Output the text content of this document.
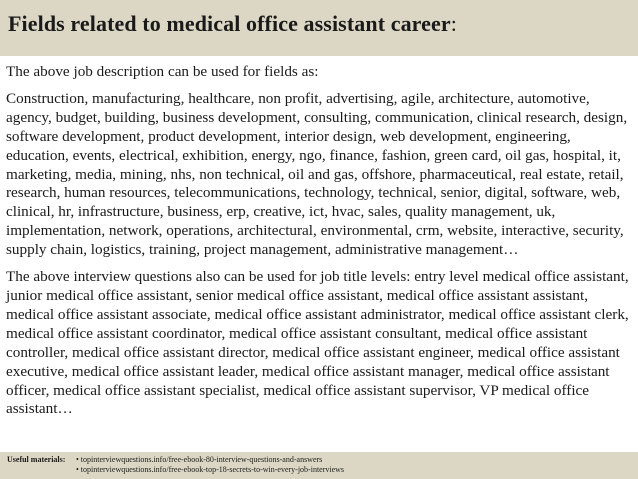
Fields related to medical office assistant career:

The above job description can be used for fields as:

Construction, manufacturing, healthcare, non profit, advertising, agile, architecture, automotive, agency, budget, building, business development, consulting, communication, clinical research, design, software development, product development, interior design, web development, engineering, education, events, electrical, exhibition, energy, ngo, finance, fashion, green card, oil gas, hospital, it, marketing, media, mining, nhs, non technical, oil and gas, offshore, pharmaceutical, real estate, retail, research, human resources, telecommunications, technology, technical, senior, digital, software, web, clinical, hr, infrastructure, business, erp, creative, ict, hvac, sales, quality management, uk, implementation, network, operations, architectural, environmental, crm, website, interactive, security, supply chain, logistics, training, project management, administrative management…

The above interview questions also can be used for job title levels: entry level medical office assistant, junior medical office assistant, senior medical office assistant, medical office assistant assistant, medical office assistant associate, medical office assistant administrator, medical office assistant clerk, medical office assistant coordinator, medical office assistant consultant, medical office assistant controller, medical office assistant director, medical office assistant engineer, medical office assistant executive, medical office assistant leader, medical office assistant manager, medical office assistant officer, medical office assistant specialist, medical office assistant supervisor, VP medical office assistant…

Useful materials: • topinterviewquestions.info/free-ebook-80-interview-questions-and-answers
• topinterviewquestions.info/free-ebook-top-18-secrets-to-win-every-job-interviews
